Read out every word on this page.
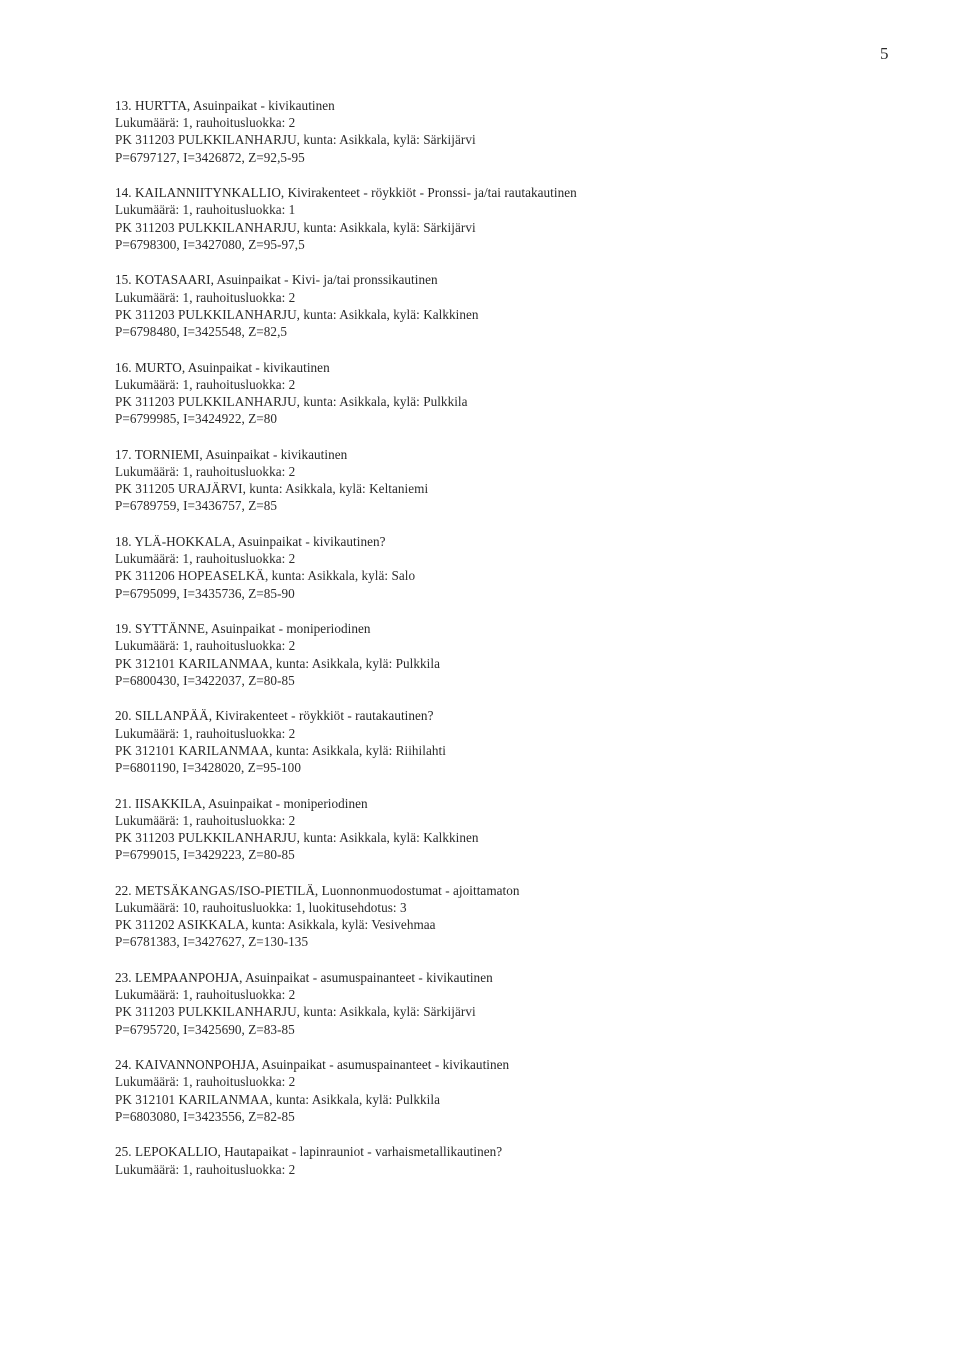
5
13. HURTTA, Asuinpaikat - kivikautinen
Lukumäärä: 1, rauhoitusluokka: 2
PK 311203 PULKKILANHARJU, kunta: Asikkala, kylä: Särkijärvi
P=6797127, I=3426872, Z=92,5-95
14. KAILANNIITYNKALLIO, Kivirakenteet - röykkiöt - Pronssi- ja/tai rautakautinen
Lukumäärä: 1, rauhoitusluokka: 1
PK 311203 PULKKILANHARJU, kunta: Asikkala, kylä: Särkijärvi
P=6798300, I=3427080, Z=95-97,5
15. KOTASAARI, Asuinpaikat - Kivi- ja/tai pronssikautinen
Lukumäärä: 1, rauhoitusluokka: 2
PK 311203 PULKKILANHARJU, kunta: Asikkala, kylä: Kalkkinen
P=6798480, I=3425548, Z=82,5
16. MURTO, Asuinpaikat - kivikautinen
Lukumäärä: 1, rauhoitusluokka: 2
PK 311203 PULKKILANHARJU, kunta: Asikkala, kylä: Pulkkila
P=6799985, I=3424922, Z=80
17. TORNIEMI, Asuinpaikat - kivikautinen
Lukumäärä: 1, rauhoitusluokka: 2
PK 311205 URAJÄRVI, kunta: Asikkala, kylä: Keltaniemi
P=6789759, I=3436757, Z=85
18. YLÄ-HOKKALA, Asuinpaikat - kivikautinen?
Lukumäärä: 1, rauhoitusluokka: 2
PK 311206 HOPEASELKÄ, kunta: Asikkala, kylä: Salo
P=6795099, I=3435736, Z=85-90
19. SYTTÄNNE, Asuinpaikat - moniperiodinen
Lukumäärä: 1, rauhoitusluokka: 2
PK 312101 KARILANMAA, kunta: Asikkala, kylä: Pulkkila
P=6800430, I=3422037, Z=80-85
20. SILLANPÄÄ, Kivirakenteet - röykkiöt - rautakautinen?
Lukumäärä: 1, rauhoitusluokka: 2
PK 312101 KARILANMAA, kunta: Asikkala, kylä: Riihilahti
P=6801190, I=3428020, Z=95-100
21. IISAKKILA, Asuinpaikat - moniperiodinen
Lukumäärä: 1, rauhoitusluokka: 2
PK 311203 PULKKILANHARJU, kunta: Asikkala, kylä: Kalkkinen
P=6799015, I=3429223, Z=80-85
22. METSÄKANGAS/ISO-PIETILÄ, Luonnonmuodostumat - ajoittamaton
Lukumäärä: 10, rauhoitusluokka: 1, luokitusehdotus: 3
PK 311202 ASIKKALA, kunta: Asikkala, kylä: Vesivehmaa
P=6781383, I=3427627, Z=130-135
23. LEMPAANPOHJA, Asuinpaikat - asumuspainanteet - kivikautinen
Lukumäärä: 1, rauhoitusluokka: 2
PK 311203 PULKKILANHARJU, kunta: Asikkala, kylä: Särkijärvi
P=6795720, I=3425690, Z=83-85
24. KAIVANNONPOHJA, Asuinpaikat - asumuspainanteet - kivikautinen
Lukumäärä: 1, rauhoitusluokka: 2
PK 312101 KARILANMAA, kunta: Asikkala, kylä: Pulkkila
P=6803080, I=3423556, Z=82-85
25. LEPOKALLIO, Hautapaikat - lapinrauniot - varhaismetallikautinen?
Lukumäärä: 1, rauhoitusluokka: 2
